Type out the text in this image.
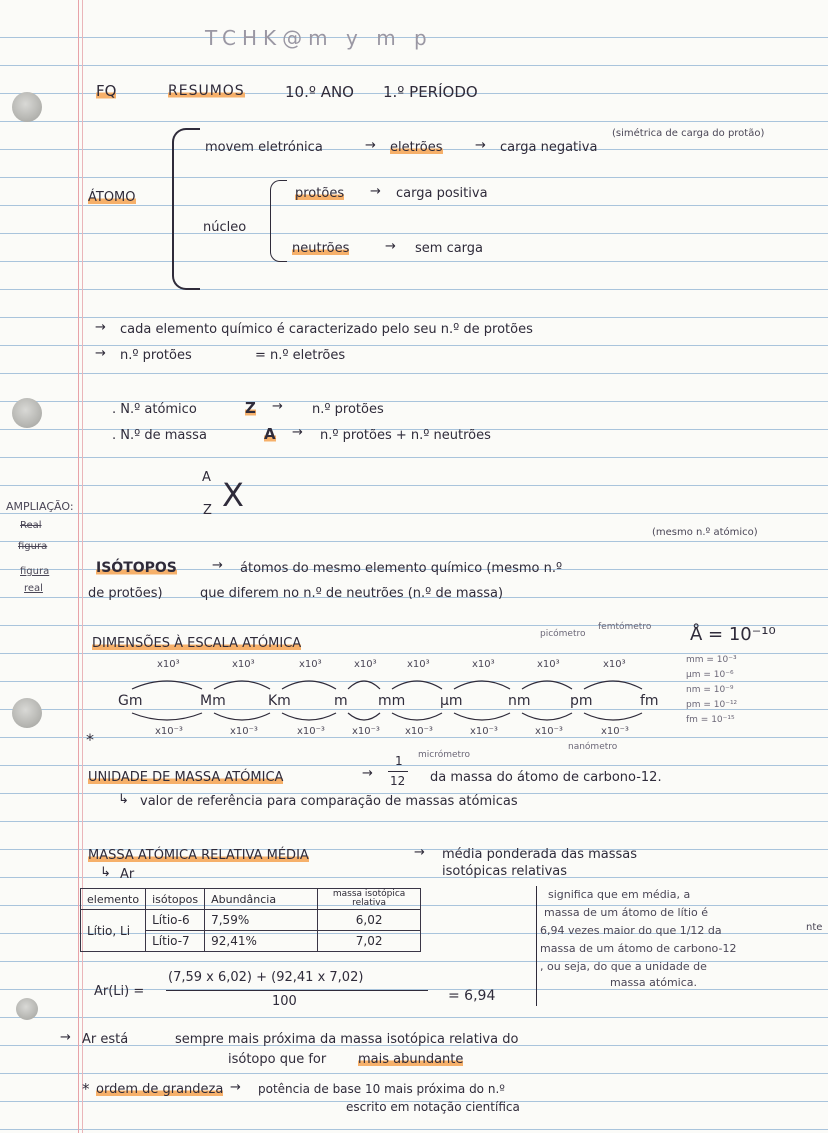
TCHK@m y m p
FQ	RESUMOS	10.º ANO 1.º PERÍODO
ÁTOMO
movem eletrónica	→ eletrões	→ carga negativa
(simétrica de carga do protão)
núcleo
protões → carga positiva
neutrões	→ sem carga
→ cada elemento químico é caracterizado pelo seu n.º de protões
→ n.º protões	= n.º eletrões
. N.º atómico	Z → n.º protões
. N.º de massa	A → n.º protões + n.º neutrões
A
Z X
AMPLIAÇÃO:
Real
figura
figura
real
(mesmo n.º atómico)
ISÓTOPOS	→ átomos do mesmo elemento químico (mesmo n.º
de protões)	que diferem no n.º de neutrões (n.º de massa)
DIMENSÕES À ESCALA ATÓMICA
picómetro
femtómetro Å = 10⁻¹⁰
Gm	Mm	Km	m mm µm	nm	pm	fm
x10³
x10⁻³
x10³
x10⁻³
x10³
x10⁻³
x10³
x10⁻³
x10³
x10⁻³
x10³
x10⁻³
x10³
x10⁻³
x10³
x10⁻³
*
micrómetro
nanómetro
mm = 10⁻³
µm = 10⁻⁶
nm = 10⁻⁹
pm = 10⁻¹²
fm = 10⁻¹⁵
UNIDADE DE MASSA ATÓMICA	→
1
12 da massa do átomo de carbono-12.
↳ valor de referência para comparação de massas atómicas
MASSA ATÓMICA RELATIVA MÉDIA	→ média ponderada das massas
isotópicas relativas
↳ Ar
elemento	isótopos	Abundância	massa isotópica relativa
Lítio, Li	Lítio-6	7,59%	6,02
	Lítio-7	92,41%	7,02
significa que em média, a
massa de um átomo de lítio é
6,94 vezes maior do que 1/12 da
massa de um átomo de carbono-12
, ou seja, do que a unidade de
massa atómica.
nte
Ar(Li) =
(7,59 x 6,02) + (92,41 x 7,02)
100	= 6,94
→ Ar está	sempre mais próxima da massa isotópica relativa do
isótopo que for mais abundante
* ordem de grandeza → potência de base 10 mais próxima do n.º
escrito em notação científica
